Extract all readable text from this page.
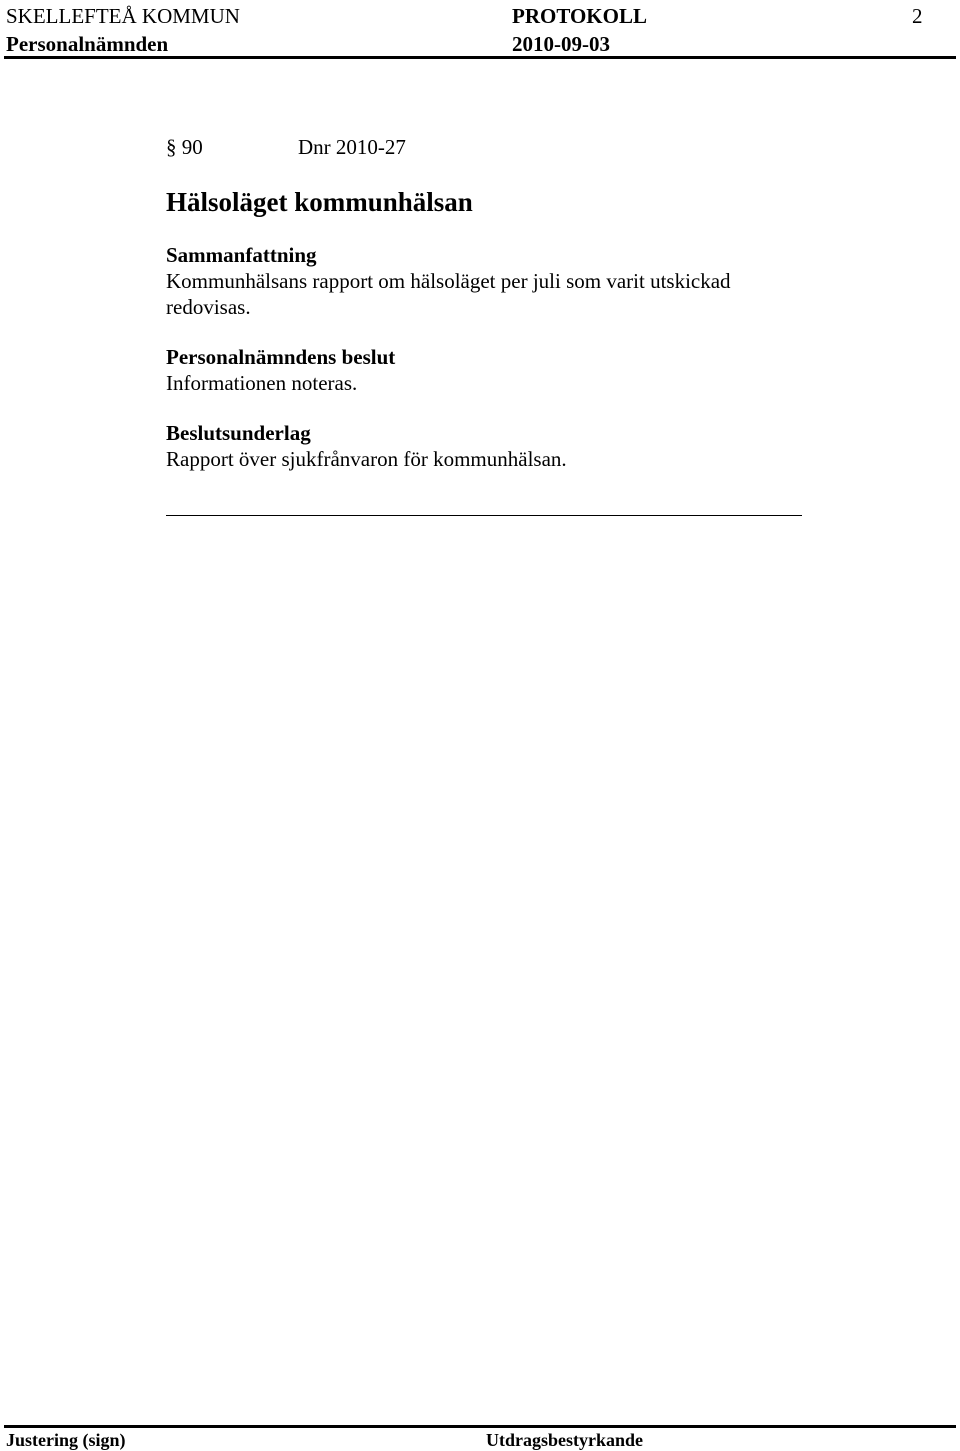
SKELLEFTEÅ KOMMUN	PROTOKOLL	2
Personalnämnden	2010-09-03
§ 90	Dnr 2010-27
Hälsoläget kommunhälsan
Sammanfattning
Kommunhälsans rapport om hälsoläget per juli som varit utskickad redovisas.
Personalnämndens beslut
Informationen noteras.
Beslutsunderlag
Rapport över sjukfrånvaron för kommunhälsan.
Justering (sign)	Utdragsbestyrkande
